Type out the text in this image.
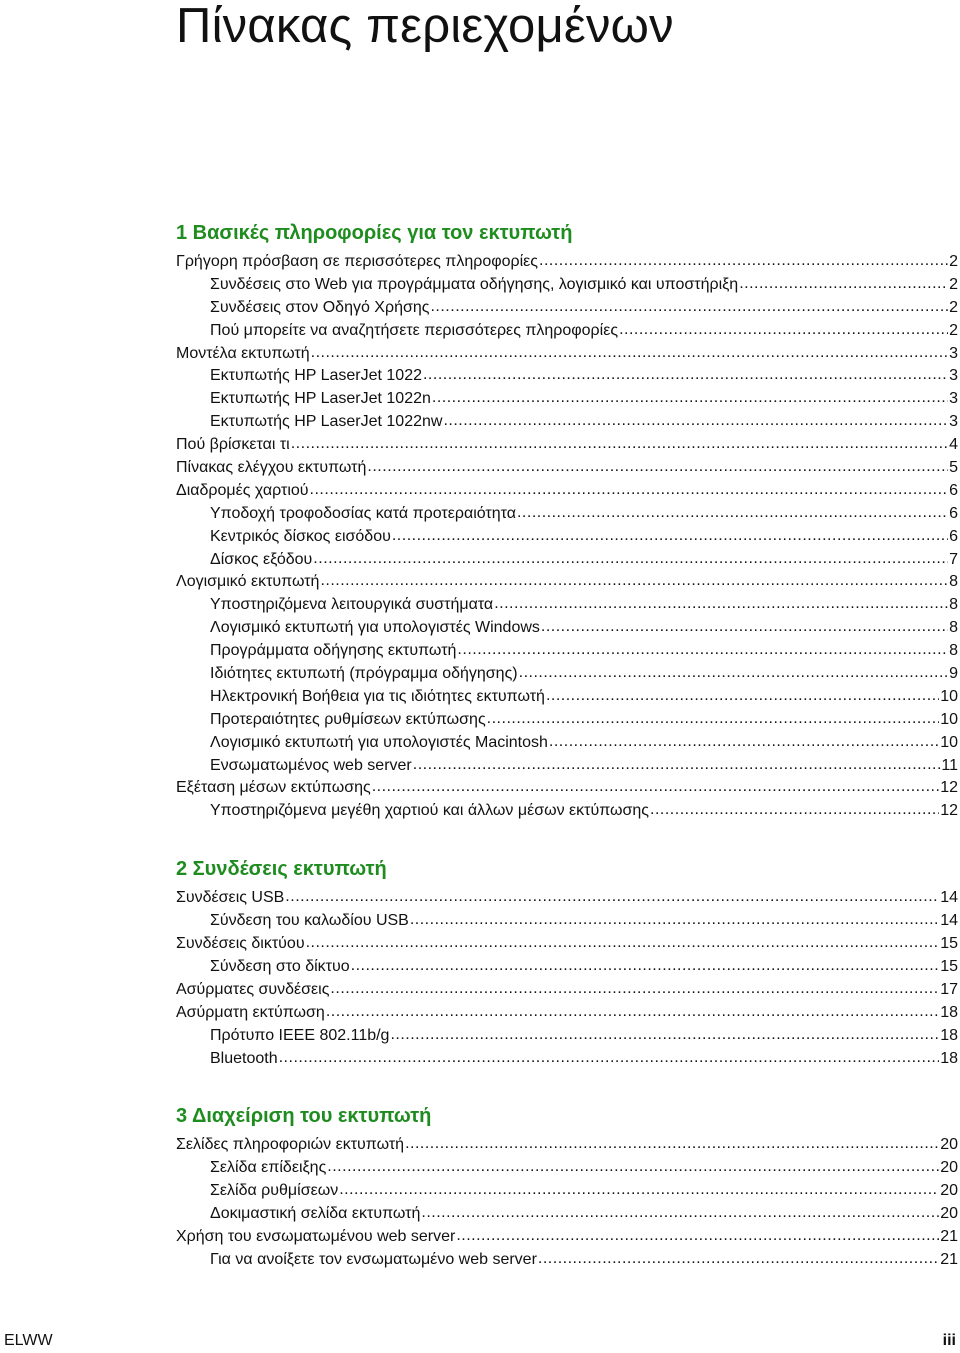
Πίνακας περιεχομένων
1 Βασικές πληροφορίες για τον εκτυπωτή
Γρήγορη πρόσβαση σε περισσότερες πληροφορίες .....	2
Συνδέσεις στο Web για προγράμματα οδήγησης, λογισμικό και υποστήριξη .....	2
Συνδέσεις στον Οδηγό Χρήσης .....	2
Πού μπορείτε να αναζητήσετε περισσότερες πληροφορίες .....	2
Μοντέλα εκτυπωτή .....	3
Εκτυπωτής HP LaserJet 1022 .....	3
Εκτυπωτής HP LaserJet 1022n .....	3
Εκτυπωτής HP LaserJet 1022nw .....	3
Πού βρίσκεται τι .....	4
Πίνακας ελέγχου εκτυπωτή .....	5
Διαδρομές χαρτιού .....	6
Υποδοχή τροφοδοσίας κατά προτεραιότητα .....	6
Κεντρικός δίσκος εισόδου .....	6
Δίσκος εξόδου .....	7
Λογισμικό εκτυπωτή .....	8
Υποστηριζόμενα λειτουργικά συστήματα .....	8
Λογισμικό εκτυπωτή για υπολογιστές Windows .....	8
Προγράμματα οδήγησης εκτυπωτή .....	8
Ιδιότητες εκτυπωτή (πρόγραμμα οδήγησης) .....	9
Ηλεκτρονική Βοήθεια για τις ιδιότητες εκτυπωτή .....	10
Προτεραιότητες ρυθμίσεων εκτύπωσης .....	10
Λογισμικό εκτυπωτή για υπολογιστές Macintosh .....	10
Ενσωματωμένος web server .....	11
Εξέταση μέσων εκτύπωσης .....	12
Υποστηριζόμενα μεγέθη χαρτιού και άλλων μέσων εκτύπωσης .....	12
2 Συνδέσεις εκτυπωτή
Συνδέσεις USB .....	14
Σύνδεση του καλωδίου USB .....	14
Συνδέσεις δικτύου .....	15
Σύνδεση στο δίκτυο .....	15
Ασύρματες συνδέσεις .....	17
Ασύρματη εκτύπωση .....	18
Πρότυπο IEEE 802.11b/g .....	18
Bluetooth .....	18
3 Διαχείριση του εκτυπωτή
Σελίδες πληροφοριών εκτυπωτή .....	20
Σελίδα επίδειξης .....	20
Σελίδα ρυθμίσεων .....	20
Δοκιμαστική σελίδα εκτυπωτή .....	20
Χρήση του ενσωματωμένου web server .....	21
Για να ανοίξετε τον ενσωματωμένο web server .....	21
ELWW	iii
